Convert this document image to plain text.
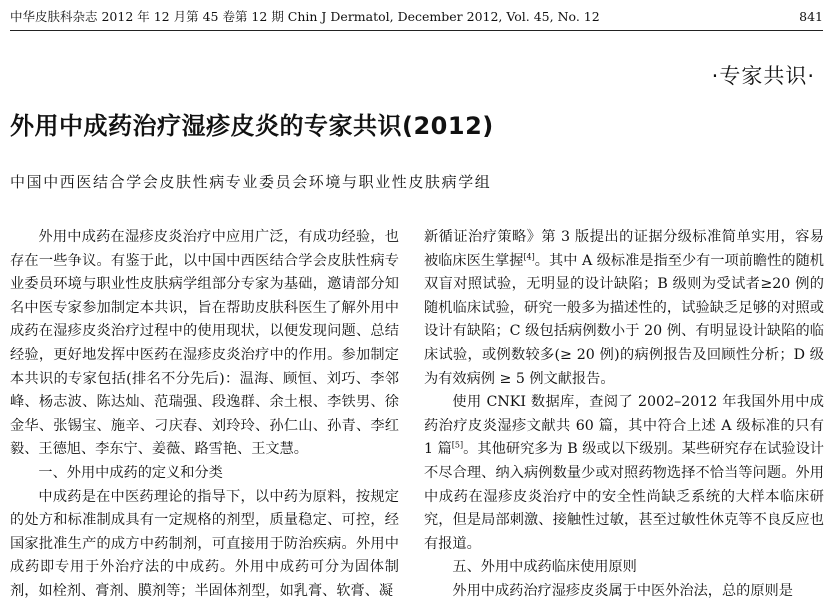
中华皮肤科杂志 2012 年 12 月第 45 卷第 12 期 Chin J Dermatol, December 2012, Vol. 45, No. 12	841
·专家共识·
外用中成药治疗湿疹皮炎的专家共识(2012)
中国中西医结合学会皮肤性病专业委员会环境与职业性皮肤病学组

外用中成药在湿疹皮炎治疗中应用广泛，有成功经验，也存在一些争议。有鉴于此，以中国中西医结合学会皮肤性病专业委员环境与职业性皮肤病学组部分专家为基础，邀请部分知名中医专家参加制定本共识，旨在帮助皮肤科医生了解外用中成药在湿疹皮炎治疗过程中的使用现状，以便发现问题、总结经验，更好地发挥中医药在湿疹皮炎治疗中的作用。参加制定本共识的专家包括(排名不分先后)：温海、顾恒、刘巧、李邻峰、杨志波、陈达灿、范瑞强、段逸群、余土根、李铁男、徐金华、张锡宝、施辛、刁庆春、刘玲玲、孙仁山、孙青、李红毅、王德旭、李东宁、姜薇、路雪艳、王文慧。

一、外用中成药的定义和分类

中成药是在中医药理论的指导下，以中药为原料，按规定的处方和标准制成具有一定规格的剂型，质量稳定、可控，经国家批准生产的成方中药制剂，可直接用于防治疾病。外用中成药即专用于外治疗法的中成药。外用中成药可分为固体制剂，如栓剂、膏剂、膜剂等；半固体剂型，如乳膏、软膏、凝

新循证治疗策略》第 3 版提出的证据分级标准简单实用，容易被临床医生掌握[4]。其中 A 级标准是指至少有一项前瞻性的随机双盲对照试验，无明显的设计缺陷；B 级则为受试者≥20 例的随机临床试验，研究一般多为描述性的，试验缺乏足够的对照或设计有缺陷；C 级包括病例数小于 20 例、有明显设计缺陷的临床试验，或例数较多(≥ 20 例)的病例报告及回顾性分析；D 级为有效病例 ≥ 5 例文献报告。

使用 CNKI 数据库，查阅了 2002–2012 年我国外用中成药治疗皮炎湿疹文献共 60 篇，其中符合上述 A 级标准的只有 1 篇[5]。其他研究多为 B 级或以下级别。某些研究存在试验设计不尽合理、纳入病例数量少或对照药物选择不恰当等问题。外用中成药在湿疹皮炎治疗中的安全性尚缺乏系统的大样本临床研究，但是局部刺激、接触性过敏，甚至过敏性休克等不良反应也有报道。

五、外用中成药临床使用原则

外用中成药治疗湿疹皮炎属于中医外治法，总的原则是
